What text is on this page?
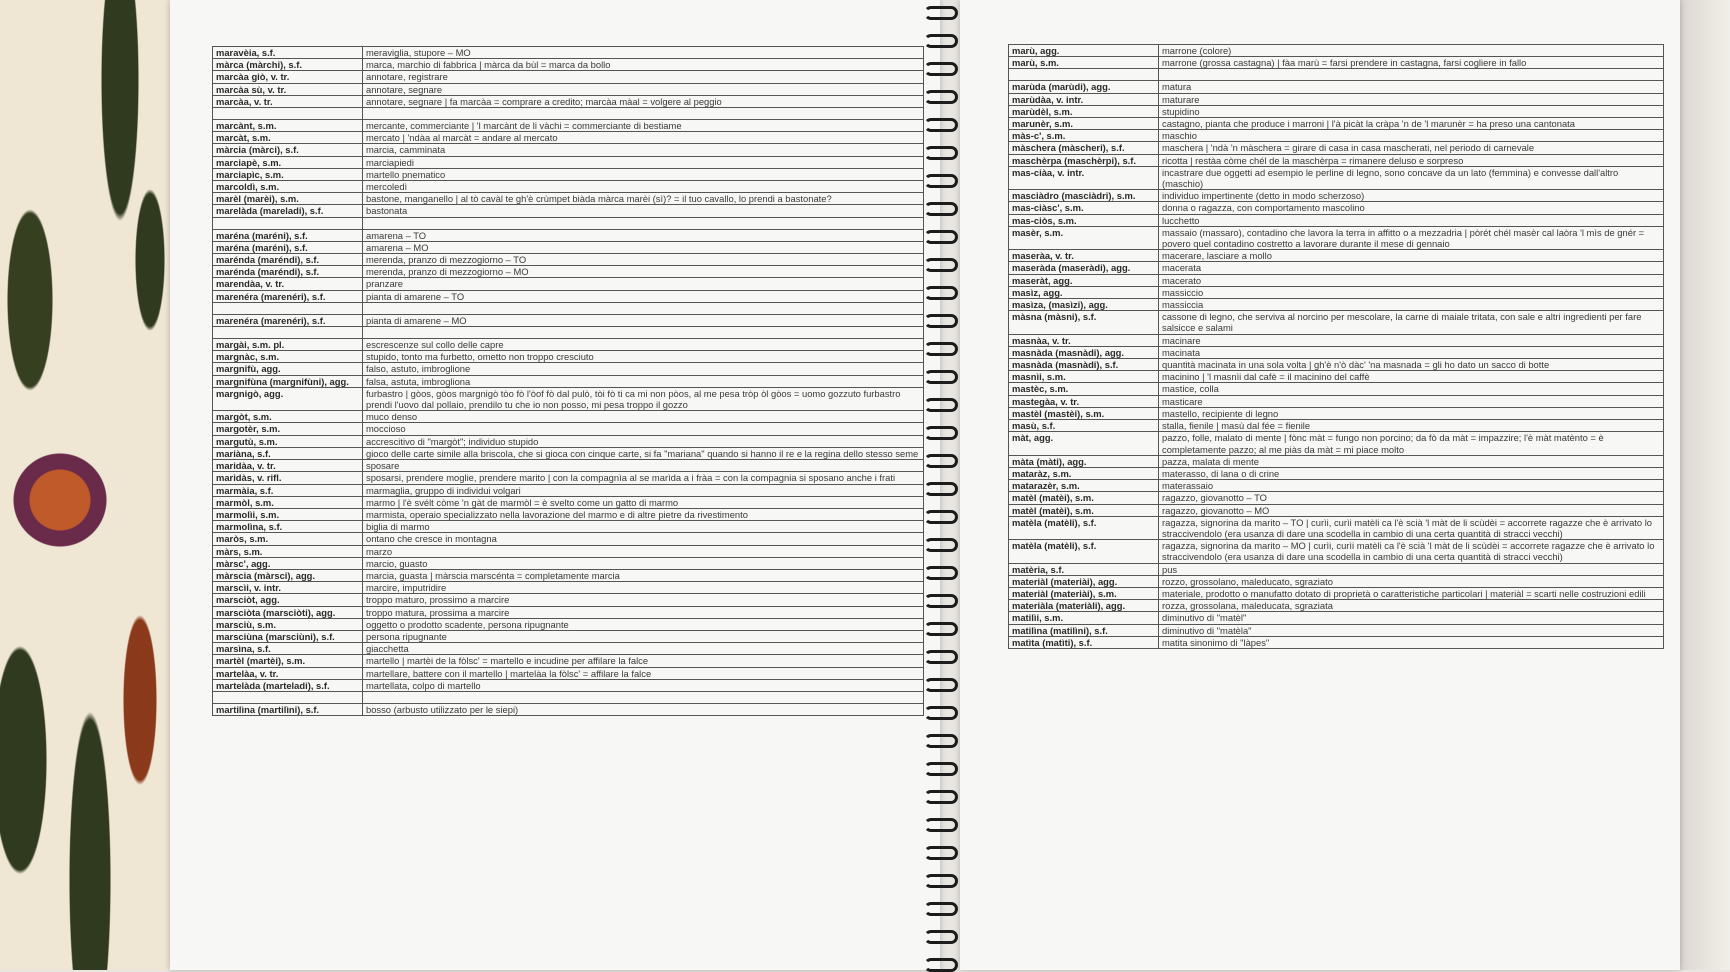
maravèia, s.f.	meraviglia, stupore – MO
màrca (màrchi), s.f.	marca, marchio di fabbrica | màrca da bùl = marca da bollo
marcàa giò, v. tr.	annotare, registrare
marcàa sù, v. tr.	annotare, segnare
marcàa, v. tr.	annotare, segnare | fa marcàa = comprare a credito; marcàa màal = volgere al peggio

marcànt, s.m.	mercante, commerciante | 'l marcànt de li vàchi = commerciante di bestiame
marcàt, s.m.	mercato | 'ndàa al marcàt = andare al mercato
màrcia (màrci), s.f.	marcia, camminata
marciapè, s.m.	marciapiedi
marciapìc, s.m.	martello pnematico
marcoldì, s.m.	mercoledì
marèl (marèi), s.m.	bastone, manganello | al tò cavàl te gh'è crùmpet biàda màrca marèi (sì)? = il tuo cavallo, lo prendi a bastonate?
marelàda (mareladi), s.f.	bastonata

maréna (maréni), s.f.	amarena – TO
maréna (maréni), s.f.	amarena – MO
marénda (maréndi), s.f.	merenda, pranzo di mezzogiorno – TO
marénda (maréndi), s.f.	merenda, pranzo di mezzogiorno – MO
marendàa, v. tr.	pranzare
marenéra (marenéri), s.f.	pianta di amarene – TO

marenéra (marenéri), s.f.	pianta di amarene – MO

margài, s.m. pl.	escrescenze sul collo delle capre
margnàc, s.m.	stupido, tonto ma furbetto, ometto non troppo cresciuto
margnifù, agg.	falso, astuto, imbroglione
margnifùna (margnifùni), agg.	falsa, astuta, imbrogliona
margnigò, agg.	furbastro | gòos, gòos margnigò tòo fò l'òof fò dal pulò, tòi fò ti ca mi non pòos, al me pesa tròp òl gòos = uomo gozzuto furbastro prendi l'uovo dal pollaio, prendilo tu che io non posso, mi pesa troppo il gozzo
margòt, s.m.	muco denso
margotèr, s.m.	moccioso
margutù, s.m.	accrescitivo di "margòt"; individuo stupido
mariàna, s.f.	gioco delle carte simile alla briscola, che si gioca con cinque carte, si fa "mariana" quando si hanno il re e la regina dello stesso seme
maridàa, v. tr.	sposare
maridàs, v. rifl.	sposarsi, prendere moglie, prendere marito | con la compagnìa al se marìda a i fràa = con la compagnia si sposano anche i frati
marmàia, s.f.	marmaglia, gruppo di individui volgari
marmòl, s.m.	marmo | l'è svélt còme 'n gàt de marmòl = è svelto come un gatto di marmo
marmolìi, s.m.	marmista, operaio specializzato nella lavorazione del marmo e di altre pietre da rivestimento
marmolìna, s.f.	biglia di marmo
maròs, s.m.	ontano che cresce in montagna
màrs, s.m.	marzo
màrsc', agg.	marcio, guasto
màrscia (màrsci), agg.	marcia, guasta | màrscia marscénta = completamente marcia
marscìi, v. intr.	marcire, imputridire
marsciòt, agg.	troppo maturo, prossimo a marcire
marsciòta (marsciòti), agg.	troppo matura, prossima a marcire
marsciù, s.m.	oggetto o prodotto scadente, persona ripugnante
marsciùna (marsciùni), s.f.	persona ripugnante
marsìna, s.f.	giacchetta
martèl (martèi), s.m.	martello | martèi de la fòlsc' = martello e incudine per affilare la falce
martelàa, v. tr.	martellare, battere con il martello | martelàa la fòlsc' = affilare la falce
martelàda (marteladi), s.f.	martellata, colpo di martello

martilìna (martilìni), s.f.	bosso (arbusto utilizzato per le siepi)
marù, agg.	marrone (colore)
marù, s.m.	marrone (grossa castagna) | fàa marù = farsi prendere in castagna, farsi cogliere in fallo

marùda (marùdi), agg.	matura
marùdàa, v. intr.	maturare
marùdèl, s.m.	stupidino
marunèr, s.m.	castagno, pianta che produce i marroni | l'à picàt la cràpa 'n de 'l marunèr = ha preso una cantonata
màs-c', s.m.	maschio
màschera (màscheri), s.f.	maschera | 'ndà 'n màschera = girare di casa in casa mascherati, nel periodo di carnevale
maschèrpa (maschèrpi), s.f.	ricotta | restàa còme chél de la maschèrpa = rimanere deluso e sorpreso
mas-ciàa, v. intr.	incastrare due oggetti ad esempio le perline di legno, sono concave da un lato (femmina) e convesse dall'altro (maschio)
masciàdro (masciàdri), s.m.	individuo impertinente (detto in modo scherzoso)
mas-ciàsc', s.m.	donna o ragazza, con comportamento mascolino
mas-ciòs, s.m.	lucchetto
masèr, s.m.	massaio (massaro), contadino che lavora la terra in affitto o a mezzadria | pòrét chél masèr cal laòra 'l mìs de gnér = povero quel contadino costretto a lavorare durante il mese di gennaio
maseràa, v. tr.	macerare, lasciare a mollo
maseràda (maseràdi), agg.	macerata
maseràt, agg.	macerato
masìz, agg.	massiccio
masìza, (masìzi), agg.	massiccia
màsna (màsni), s.f.	cassone di legno, che serviva al norcino per mescolare, la carne di maiale tritata, con sale e altri ingredienti per fare salsicce e salami
masnàa, v. tr.	macinare
masnàda (masnàdi), agg.	macinata
masnàda (masnàdi), s.f.	quantità macinata in una sola volta | gh'è n'ò dàc' 'na masnada = gli ho dato un sacco di botte
masnìi, s.m.	macinino | 'l masnìi dal cafè = il macinino del caffè
mastèc, s.m.	mastice, colla
mastegàa, v. tr.	masticare
mastèl (mastèi), s.m.	mastello, recipiente di legno
masù, s.f.	stalla, fienile | masù dal fée = fienile
màt, agg.	pazzo, folle, malato di mente | fònc màt = fungo non porcino; da fò da màt = impazzire; l'è màt matènto = è completamente pazzo; al me piàs da màt = mi piace molto
màta (màti), agg.	pazza, malata di mente
mataràz, s.m.	materasso, di lana o di crine
matarazèr, s.m.	materassaio
matèl (matèi), s.m.	ragazzo, giovanotto – TO
matèl (matèi), s.m.	ragazzo, giovanotto – MO
matèla (matèli), s.f.	ragazza, signorina da marito – TO | curìi, curìi matèli ca l'è scià 'l màt de li scùdèi = accorrete ragazze che è arrivato lo straccivendolo (era usanza di dare una scodella in cambio di una certa quantità di stracci vecchi)
matèla (matèli), s.f.	ragazza, signorina da marito – MO | curìi, curìi matèli ca l'è scià 'l màt de li scùdèi = accorrete ragazze che è arrivato lo straccivendolo (era usanza di dare una scodella in cambio di una certa quantità di stracci vecchi)
matèria, s.f.	pus
materiàl (materiài), agg.	rozzo, grossolano, maleducato, sgraziato
materiàl (materiài), s.m.	materiale, prodotto o manufatto dotato di proprietà o caratteristiche particolari | materiàl = scarti nelle costruzioni edili
materiàla (materiàli), agg.	rozza, grossolana, maleducata, sgraziata
matilìi, s.m.	diminutivo di "matèl"
matilìna (matilìni), s.f.	diminutivo di "matèla"
matìta (matìti), s.f.	matita sinonimo di "làpes"
